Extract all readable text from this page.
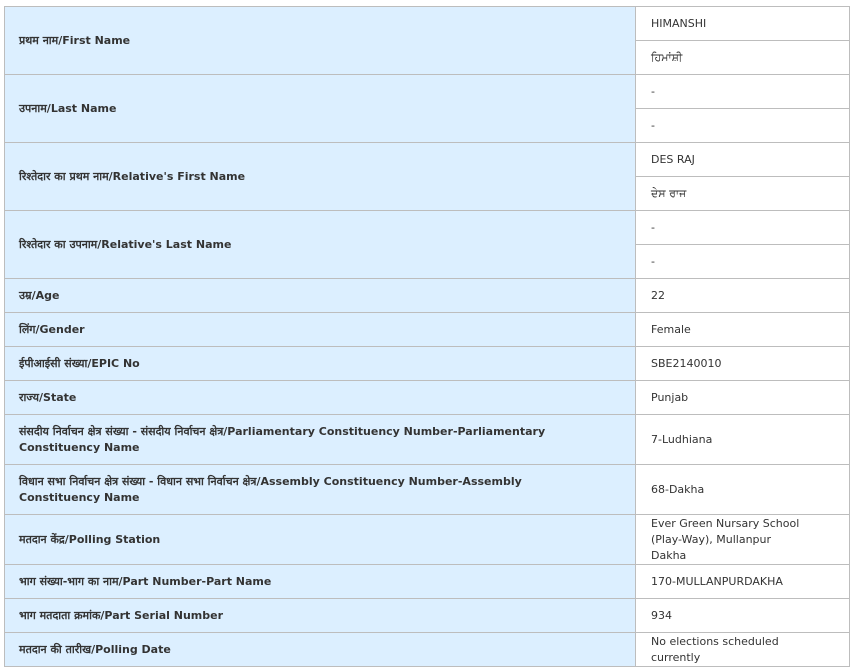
प्रथम नाम/First Name	HIMANSHI
ਹਿਮਾਂਸ਼ੀ

उपनाम/Last Name	-
-

रिश्तेदार का प्रथम नाम/Relative's First Name	DES RAJ
ਦੇਸ ਰਾਜ

रिश्तेदार का उपनाम/Relative's Last Name	-
-

उम्र/Age	22
लिंग/Gender	Female
ईपीआईसी संख्या/EPIC No	SBE2140010
राज्य/State	Punjab
संसदीय निर्वाचन क्षेत्र संख्या - संसदीय निर्वाचन क्षेत्र/Parliamentary Constituency Number-Parliamentary Constituency Name	7-Ludhiana
विधान सभा निर्वाचन क्षेत्र संख्या - विधान सभा निर्वाचन क्षेत्र/Assembly Constituency Number-Assembly Constituency Name	68-Dakha
मतदान केंद्र/Polling Station	Ever Green Nursary School (Play-Way), Mullanpur Dakha
भाग संख्या-भाग का नाम/Part Number-Part Name	170-MULLANPURDAKHA
भाग मतदाता क्रमांक/Part Serial Number	934
मतदान की तारीख/Polling Date	No elections scheduled currently
